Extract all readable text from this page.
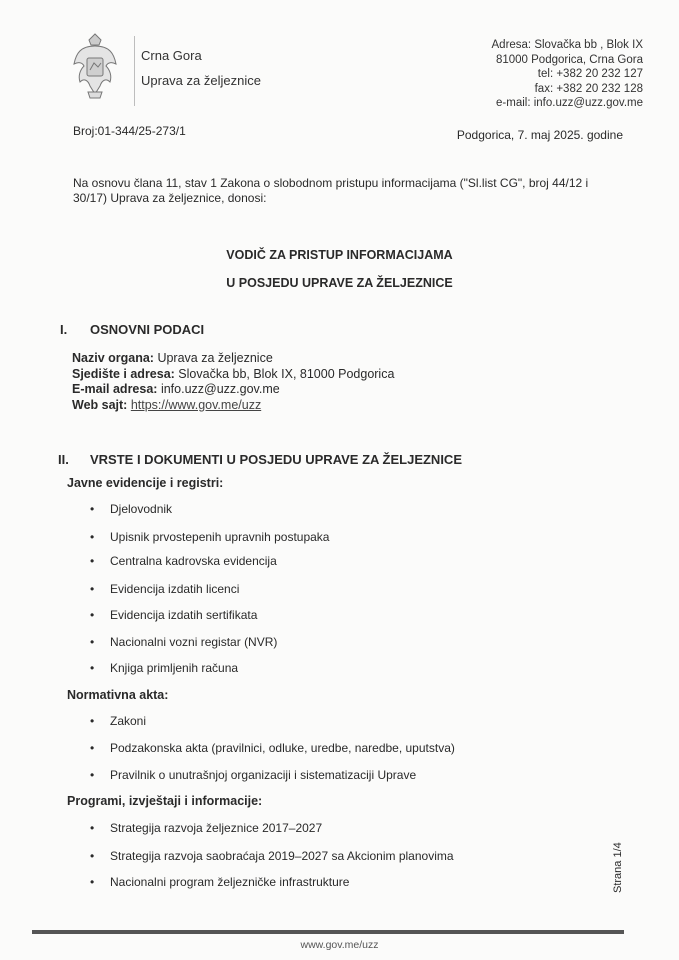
Crna Gora
Uprava za željeznice
Adresa: Slovačka bb , Blok IX
81000 Podgorica, Crna Gora
tel: +382 20 232 127
fax: +382 20 232 128
e-mail: info.uzz@uzz.gov.me
Broj:01-344/25-273/1	Podgorica, 7. maj 2025. godine
Na osnovu člana 11, stav 1 Zakona o slobodnom pristupu informacijama ("Sl.list CG", broj 44/12 i 30/17) Uprava za željeznice, donosi:
VODIČ ZA PRISTUP INFORMACIJAMA
U POSJEDU UPRAVE ZA ŽELJEZNICE
I. OSNOVNI PODACI
Naziv organa: Uprava za željeznice
Sjedište i adresa: Slovačka bb, Blok IX, 81000 Podgorica
E-mail adresa: info.uzz@uzz.gov.me
Web sajt: https://www.gov.me/uzz
II. VRSTE I DOKUMENTI U POSJEDU UPRAVE ZA ŽELJEZNICE
Javne evidencije i registri:
• Djelovodnik
• Upisnik prvostepenih upravnih postupaka
• Centralna kadrovska evidencija
• Evidencija izdatih licenci
• Evidencija izdatih sertifikata
• Nacionalni vozni registar (NVR)
• Knjiga primljenih računa
Normativna akta:
• Zakoni
• Podzakonska akta (pravilnici, odluke, uredbe, naredbe, uputstva)
• Pravilnik o unutrašnjoj organizaciji i sistematizaciji Uprave
Programi, izvještaji i informacije:
• Strategija razvoja željeznice 2017–2027
• Strategija razvoja saobraćaja 2019–2027 sa Akcionim planovima
• Nacionalni program željezničke infrastrukture	Strana 1/4
www.gov.me/uzz
